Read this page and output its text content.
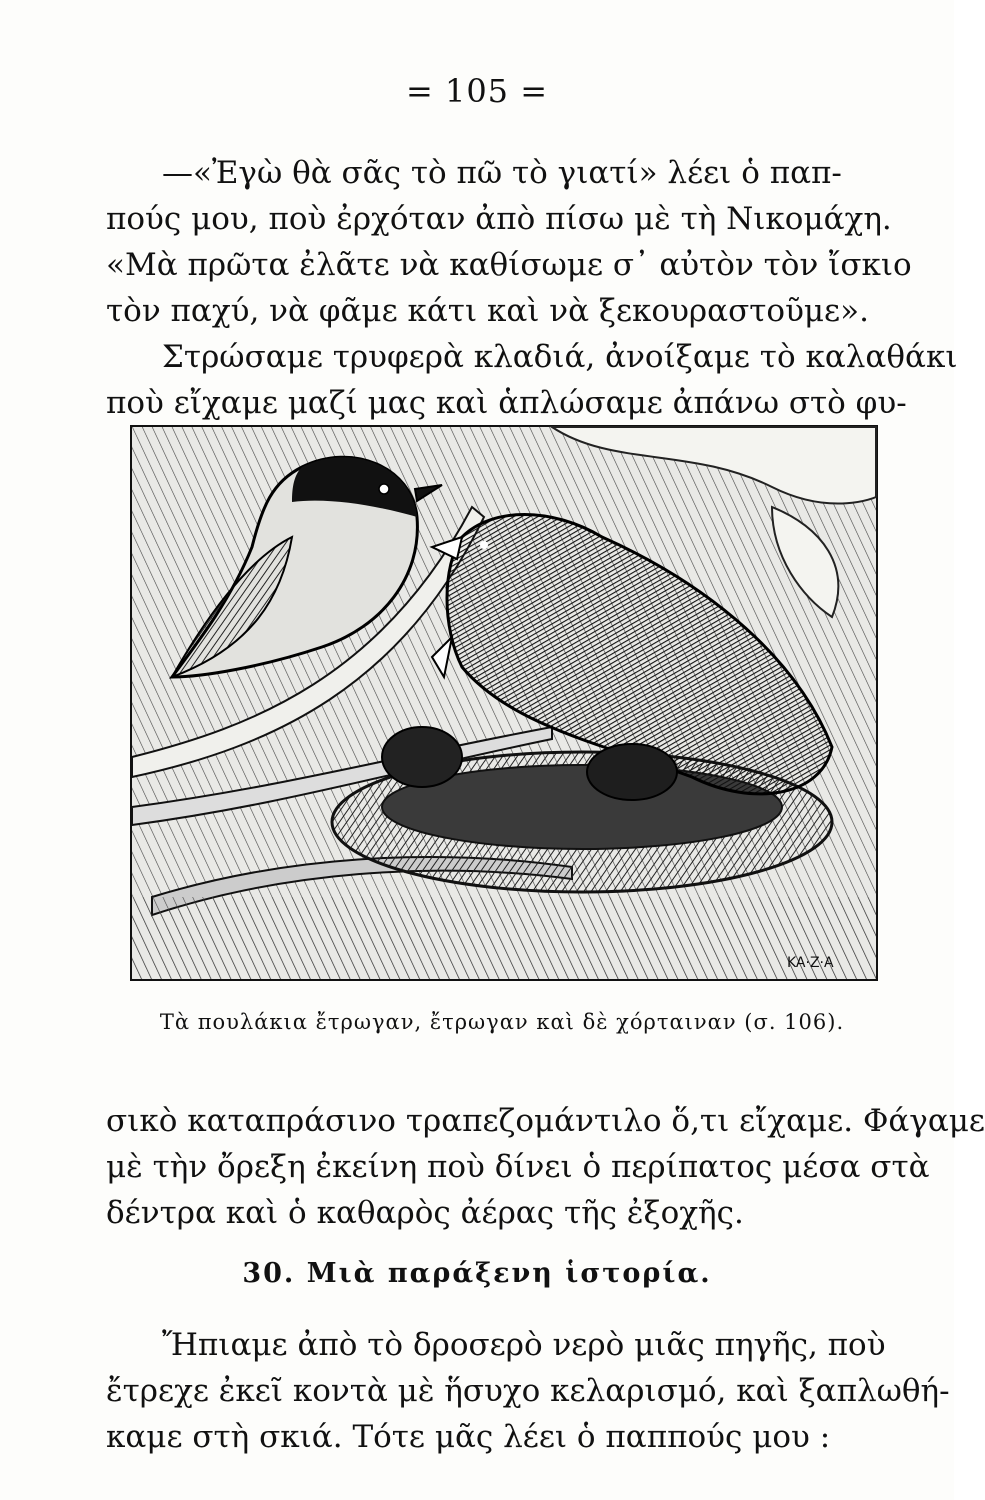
= 105 =

—«Ἐγὼ θὰ σᾶς τὸ πῶ τὸ γιατί» λέει ὁ παπ-
πούς μου, ποὺ ἐρχόταν ἀπὸ πίσω μὲ τὴ Νικομάχη.
«Μὰ πρῶτα ἐλᾶτε νὰ καθίσωμε σ᾽ αὐτὸν τὸν ἴσκιο
τὸν παχύ, νὰ φᾶμε κάτι καὶ νὰ ξεκουραστοῦμε».

Στρώσαμε τρυφερὰ κλαδιά, ἀνοίξαμε τὸ καλαθάκι
ποὺ εἴχαμε μαζί μας καὶ ἁπλώσαμε ἀπάνω στὸ φυ-

KA·Z·A
Τὰ πουλάκια ἔτρωγαν, ἔτρωγαν καὶ δὲ χόρταιναν (σ. 106).

σικὸ καταπράσινο τραπεζομάντιλο ὅ,τι εἴχαμε. Φάγαμε
μὲ τὴν ὄρεξη ἐκείνη ποὺ δίνει ὁ περίπατος μέσα στὰ
δέντρα καὶ ὁ καθαρὸς ἀέρας τῆς ἐξοχῆς.

30. Μιὰ παράξενη ἱστορία.

Ἤπιαμε ἀπὸ τὸ δροσερὸ νερὸ μιᾶς πηγῆς, ποὺ
ἔτρεχε ἐκεῖ κοντὰ μὲ ἥσυχο κελαρισμό, καὶ ξαπλωθή-
καμε στὴ σκιά. Τότε μᾶς λέει ὁ παππούς μου :
